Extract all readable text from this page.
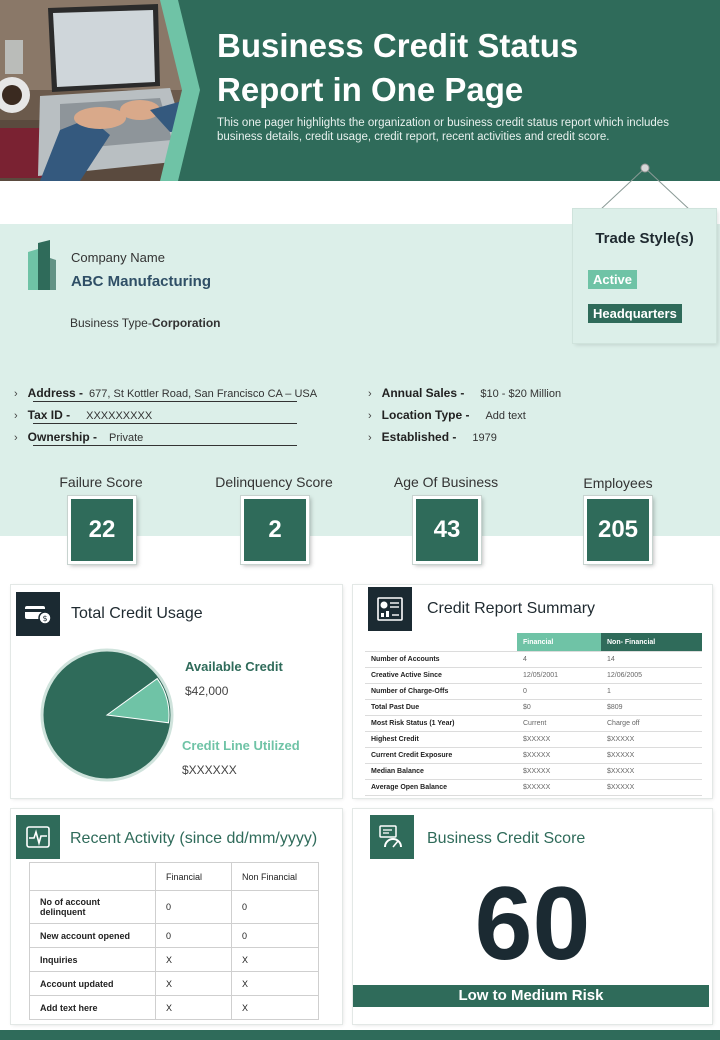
Business Credit Status
Report in One Page
This one pager highlights the organization or business credit status report which includes business details, credit usage, credit report, recent activities and credit score.
Trade Style(s)
Active
Headquarters
Company Name
ABC Manufacturing
Business Type-Corporation
› Address - 677, St Kottler Road, San Francisco CA – USA
› Tax ID - XXXXXXXXX
› Ownership - Private
› Annual Sales - $10 - $20 Million
› Location Type - Add text
› Established - 1979
Failure Score	Delinquency Score	Age Of Business	Employees
22	2	43	205
$ Total Credit Usage
Available Credit
$42,000
Credit Line Utilized
$XXXXXX
Credit Report Summary
	Financial	Non- Financial
Number of Accounts	4	14
Creative Active Since	12/05/2001	12/06/2005
Number of Charge-Offs	0	1
Total Past Due	$0	$809
Most Risk Status (1 Year)	Current	Charge off
Highest Credit	$XXXXX	$XXXXX
Current Credit Exposure	$XXXXX	$XXXXX
Median Balance	$XXXXX	$XXXXX
Average Open Balance	$XXXXX	$XXXXX
Recent Activity (since dd/mm/yyyy)
	Financial	Non Financial
No of account delinquent	0	0
New account opened	0	0
Inquiries	X	X
Account updated	X	X
Add text here	X	X
Business Credit Score
60
Low to Medium Risk
